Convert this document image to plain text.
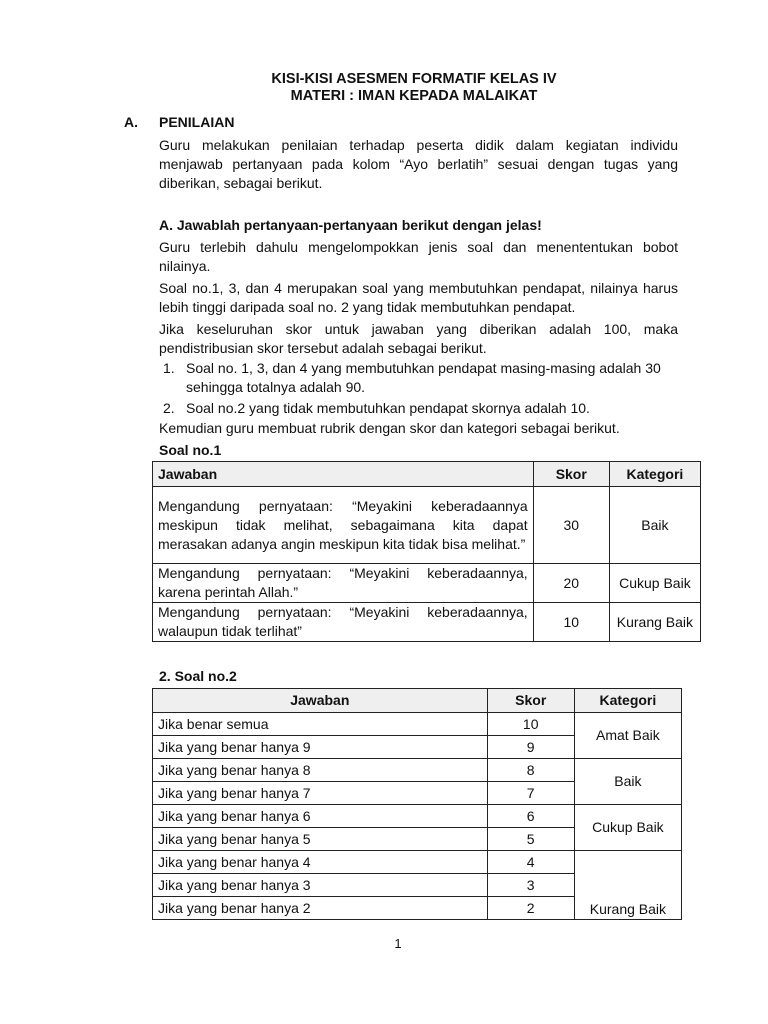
KISI-KISI ASESMEN FORMATIF KELAS IV
MATERI : IMAN KEPADA MALAIKAT
A. PENILAIAN
Guru melakukan penilaian terhadap peserta didik dalam kegiatan individu menjawab pertanyaan pada kolom “Ayo berlatih” sesuai dengan tugas yang diberikan, sebagai berikut.
A. Jawablah pertanyaan-pertanyaan berikut dengan jelas!
Guru terlebih dahulu mengelompokkan jenis soal dan menententukan bobot nilainya.
Soal no.1, 3, dan 4 merupakan soal yang membutuhkan pendapat, nilainya harus lebih tinggi daripada soal no. 2 yang tidak membutuhkan pendapat.
Jika keseluruhan skor untuk jawaban yang diberikan adalah 100, maka pendistribusian skor tersebut adalah sebagai berikut.
1. Soal no. 1, 3, dan 4 yang membutuhkan pendapat masing-masing adalah 30 sehingga totalnya adalah 90.
2. Soal no.2 yang tidak membutuhkan pendapat skornya adalah 10.
Kemudian guru membuat rubrik dengan skor dan kategori sebagai berikut.
Soal no.1
Jawaban	Skor	Kategori
Mengandung pernyataan: “Meyakini keberadaannya meskipun tidak melihat, sebagaimana kita dapat merasakan adanya angin meskipun kita tidak bisa melihat.”	30	Baik
Mengandung pernyataan: “Meyakini keberadaannya, karena perintah Allah.”	20	Cukup Baik
Mengandung pernyataan: “Meyakini keberadaannya, walaupun tidak terlihat”	10	Kurang Baik
2. Soal no.2
Jawaban	Skor	Kategori
Jika benar semua	10	Amat Baik
Jika yang benar hanya 9	9	
Jika yang benar hanya 8	8	Baik
Jika yang benar hanya 7	7	
Jika yang benar hanya 6	6	Cukup Baik
Jika yang benar hanya 5	5	
Jika yang benar hanya 4	4	Kurang Baik
Jika yang benar hanya 3	3	
Jika yang benar hanya 2	2	
1
